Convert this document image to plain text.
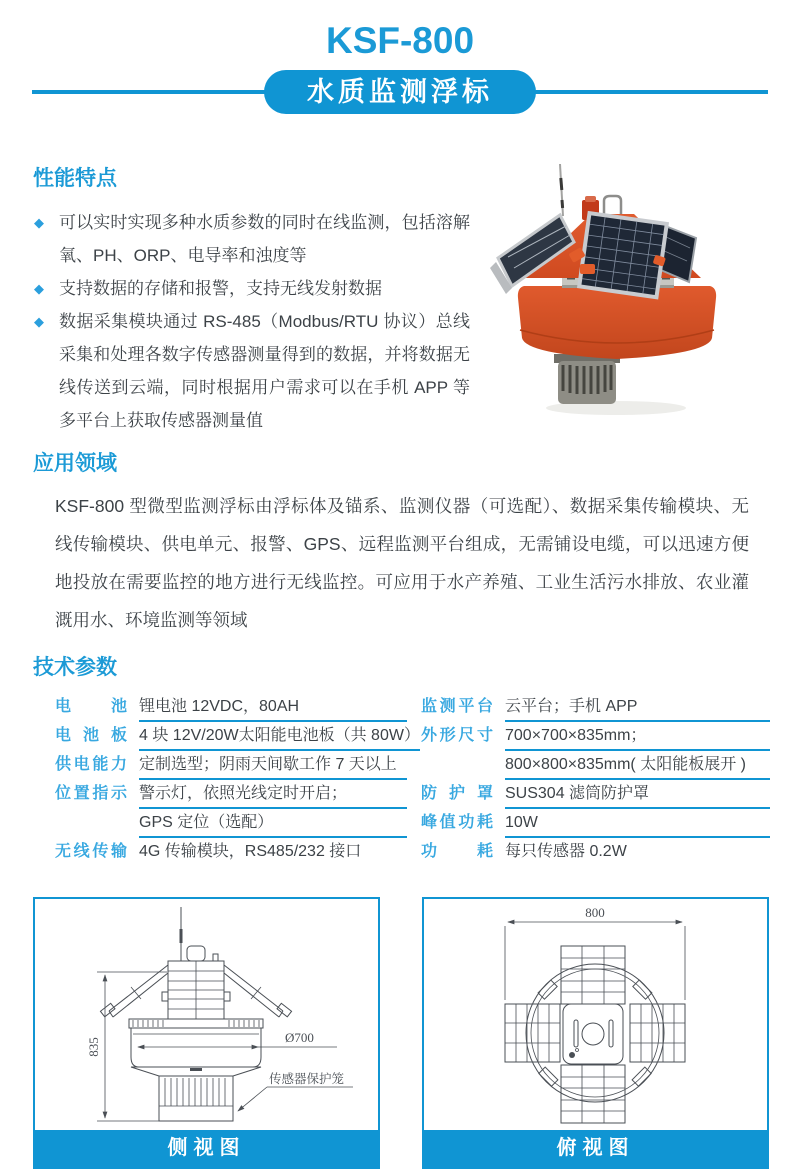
KSF-800
水质监测浮标
性能特点
◆ 可以实时实现多种水质参数的同时在线监测，包括溶解氧、PH、ORP、电导率和浊度等
◆ 支持数据的存储和报警，支持无线发射数据
◆ 数据采集模块通过 RS-485（Modbus/RTU 协议）总线采集和处理各数字传感器测量得到的数据，并将数据无线传送到云端，同时根据用户需求可以在手机 APP 等多平台上获取传感器测量值
应用领域

KSF-800 型微型监测浮标由浮标体及锚系、监测仪器（可选配）、数据采集传输模块、无线传输模块、供电单元、报警、GPS、远程监测平台组成，无需铺设电缆，可以迅速方便地投放在需要监控的地方进行无线监控。可应用于水产养殖、工业生活污水排放、农业灌溉用水、环境监测等领域

技术参数
电池 锂电池 12VDC，80AH
电池板 4 块 12V/20W太阳能电池板（共 80W）
供电能力 定制选型；阴雨天间歇工作 7 天以上
位置指示 警示灯，依照光线定时开启；
GPS 定位（选配）
无线传输 4G 传输模块，RS485/232 接口
监测平台 云平台；手机 APP
外形尺寸 700×700×835mm；
800×800×835mm( 太阳能板展开 )
防护罩 SUS304 滤筒防护罩
峰值功耗 10W
功耗 每只传感器 0.2W
835	Ø700
传感器保护笼
侧视图
800
俯视图
